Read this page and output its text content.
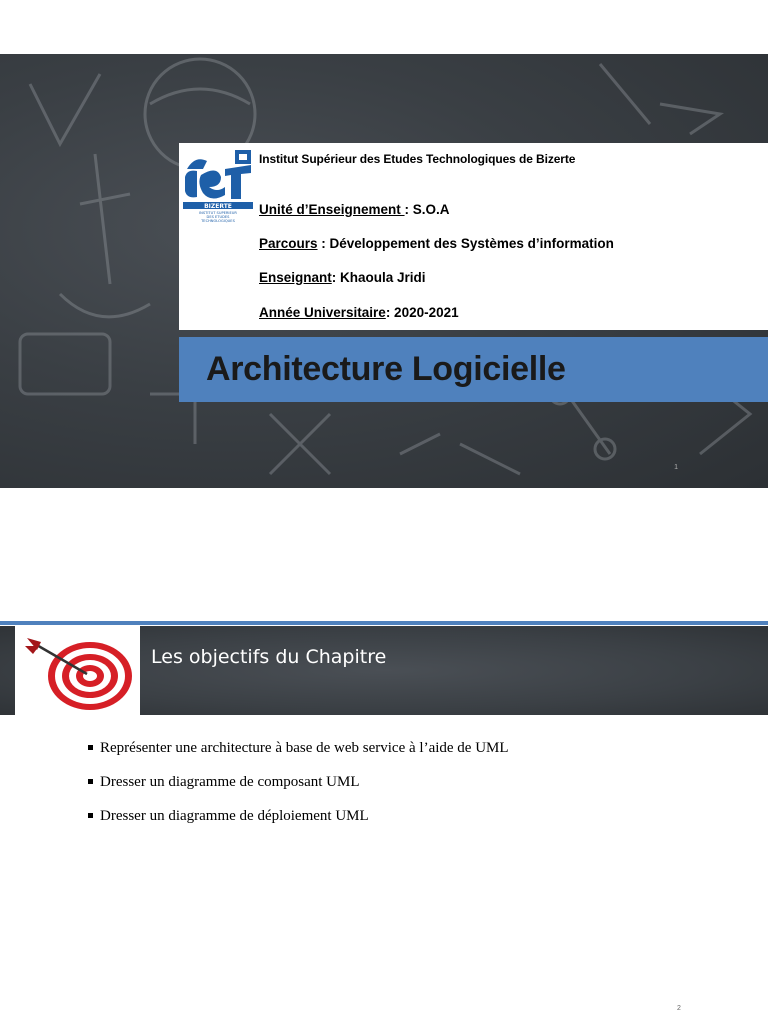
BIZERTE
INSTITUT SUPERIEUR
DES ETUDES
TECHNOLOGIQUES
Institut Supérieur des Etudes Technologiques de Bizerte
Unité d’Enseignement : S.O.A
Parcours : Développement des Systèmes d’information
Enseignant: Khaoula Jridi
Année Universitaire: 2020-2021
Architecture Logicielle
1
Les objectifs du Chapitre
Représenter une architecture à base de web service à l’aide de UML
Dresser un diagramme de composant UML
Dresser un diagramme de déploiement UML
2
